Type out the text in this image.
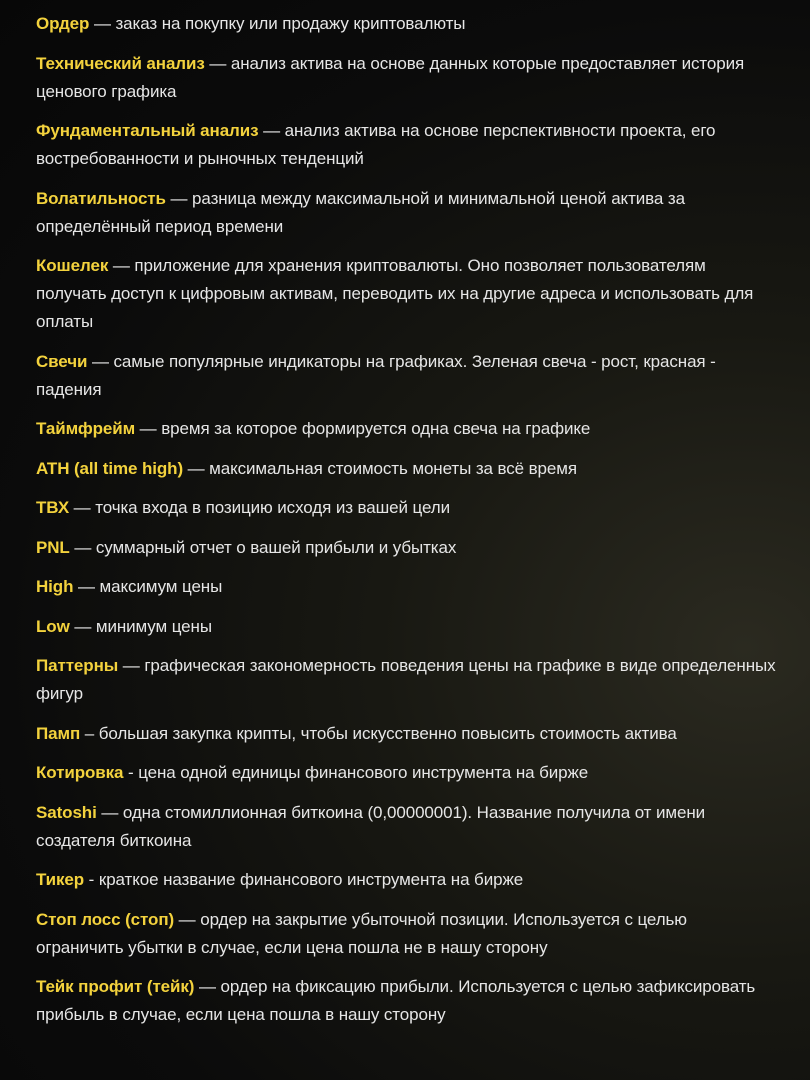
Ордер — заказ на покупку или продажу криптовалюты
Технический анализ — анализ актива на основе данных которые предоставляет история ценового графика
Фундаментальный анализ — анализ актива на основе перспективности проекта, его востребованности и рыночных тенденций
Волатильность — разница между максимальной и минимальной ценой актива за определённый период времени
Кошелек — приложение для хранения криптовалюты. Оно позволяет пользователям получать доступ к цифровым активам, переводить их на другие адреса и использовать для оплаты
Свечи — самые популярные индикаторы на графиках. Зеленая свеча - рост, красная - падения
Таймфрейм — время за которое формируется одна свеча на графике
ATH (all time high) — максимальная стоимость монеты за всё время
ТВХ — точка входа в позицию исходя из вашей цели
PNL — суммарный отчет о вашей прибыли и убытках
High — максимум цены
Low — минимум цены
Паттерны — графическая закономерность поведения цены на графике в виде определенных фигур
Памп – большая закупка крипты, чтобы искусственно повысить стоимость актива
Котировка - цена одной единицы финансового инструмента на бирже
Satoshi — одна стомиллионная биткоина (0,00000001). Название получила от имени создателя биткоина
Тикер - краткое название финансового инструмента на бирже
Стоп лосс (стоп) — ордер на закрытие убыточной позиции. Используется с целью ограничить убытки в случае, если цена пошла не в нашу сторону
Тейк профит (тейк) — ордер на фиксацию прибыли. Используется с целью зафиксировать прибыль в случае, если цена пошла в нашу сторону
